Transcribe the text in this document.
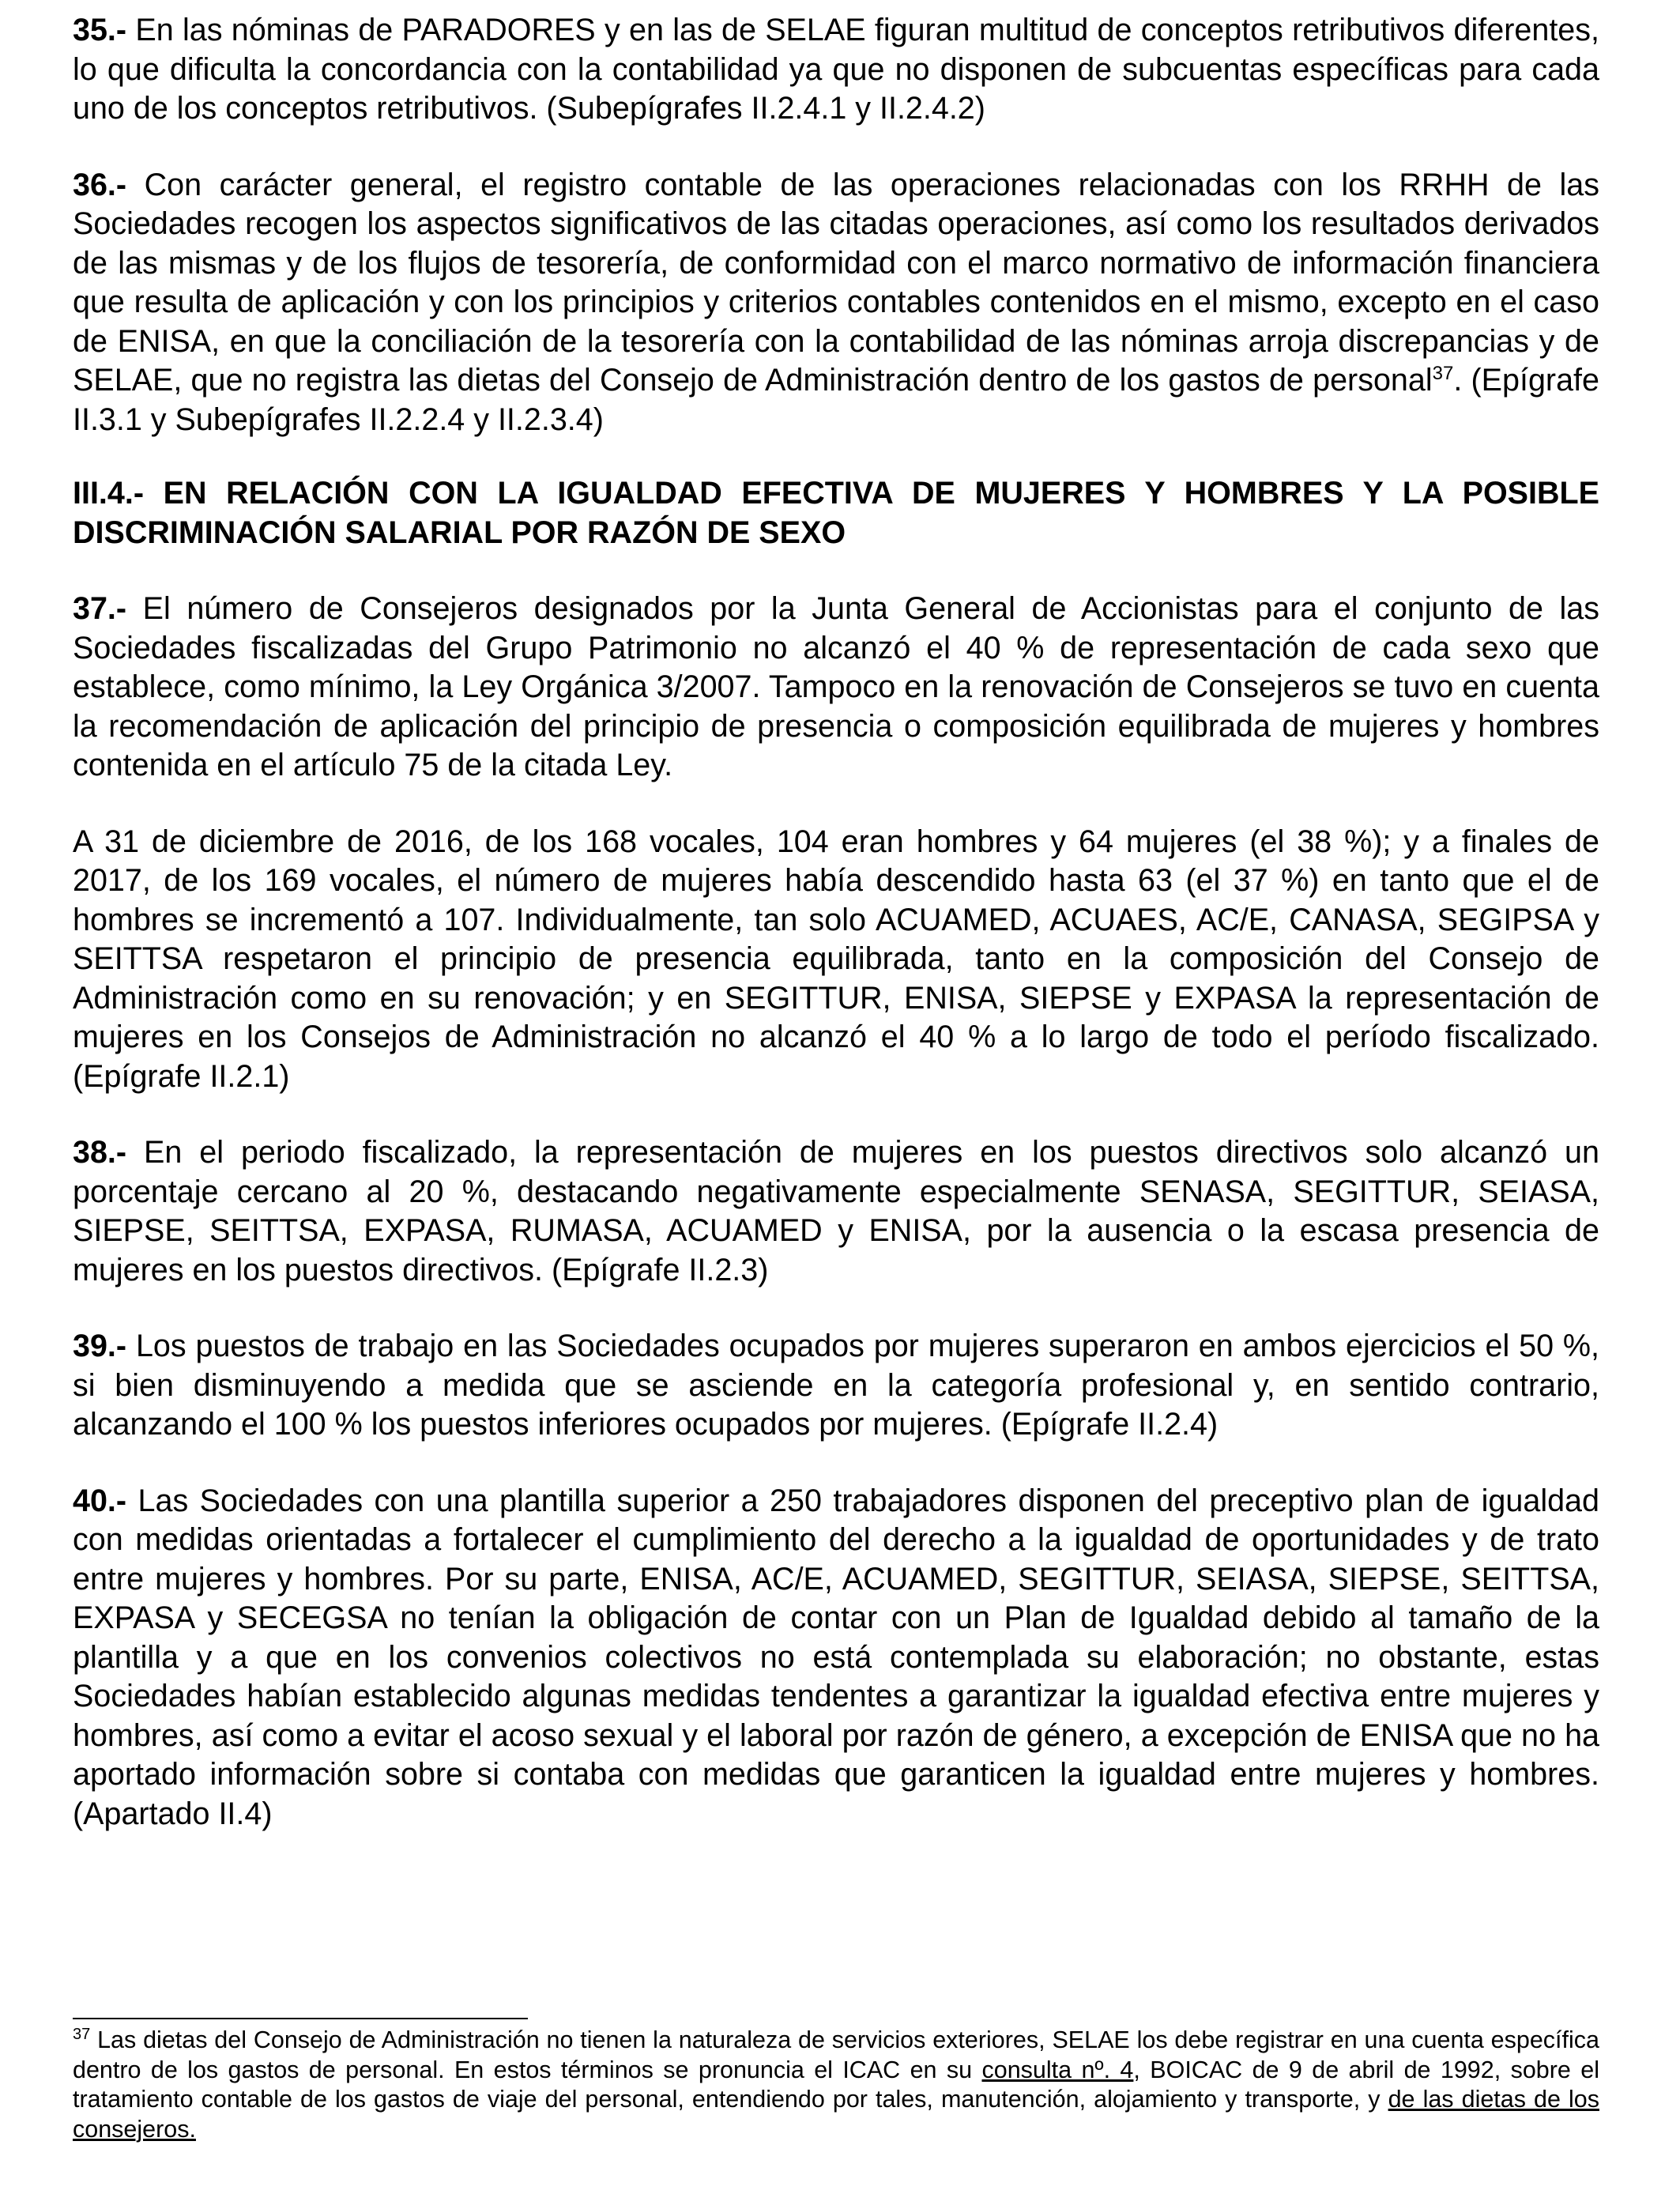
35.- En las nóminas de PARADORES y en las de SELAE figuran multitud de conceptos retributivos diferentes, lo que dificulta la concordancia con la contabilidad ya que no disponen de subcuentas específicas para cada uno de los conceptos retributivos. (Subepígrafes II.2.4.1 y II.2.4.2)

36.- Con carácter general, el registro contable de las operaciones relacionadas con los RRHH de las Sociedades recogen los aspectos significativos de las citadas operaciones, así como los resultados derivados de las mismas y de los flujos de tesorería, de conformidad con el marco normativo de información financiera que resulta de aplicación y con los principios y criterios contables contenidos en el mismo, excepto en el caso de ENISA, en que la conciliación de la tesorería con la contabilidad de las nóminas arroja discrepancias y de SELAE, que no registra las dietas del Consejo de Administración dentro de los gastos de personal$^{37}$. (Epígrafe II.3.1 y Subepígrafes II.2.2.4 y II.2.3.4)

III.4.- EN RELACIÓN CON LA IGUALDAD EFECTIVA DE MUJERES Y HOMBRES Y LA POSIBLE DISCRIMINACIÓN SALARIAL POR RAZÓN DE SEXO

37.- El número de Consejeros designados por la Junta General de Accionistas para el conjunto de las Sociedades fiscalizadas del Grupo Patrimonio no alcanzó el 40 % de representación de cada sexo que establece, como mínimo, la Ley Orgánica 3/2007. Tampoco en la renovación de Consejeros se tuvo en cuenta la recomendación de aplicación del principio de presencia o composición equilibrada de mujeres y hombres contenida en el artículo 75 de la citada Ley.

A 31 de diciembre de 2016, de los 168 vocales, 104 eran hombres y 64 mujeres (el 38 %); y a finales de 2017, de los 169 vocales, el número de mujeres había descendido hasta 63 (el 37 %) en tanto que el de hombres se incrementó a 107. Individualmente, tan solo ACUAMED, ACUAES, AC/E, CANASA, SEGIPSA y SEITTSA respetaron el principio de presencia equilibrada, tanto en la composición del Consejo de Administración como en su renovación; y en SEGITTUR, ENISA, SIEPSE y EXPASA la representación de mujeres en los Consejos de Administración no alcanzó el 40 % a lo largo de todo el período fiscalizado. (Epígrafe II.2.1)

38.- En el periodo fiscalizado, la representación de mujeres en los puestos directivos solo alcanzó un porcentaje cercano al 20 %, destacando negativamente especialmente SENASA, SEGITTUR, SEIASA, SIEPSE, SEITTSA, EXPASA, RUMASA, ACUAMED y ENISA, por la ausencia o la escasa presencia de mujeres en los puestos directivos. (Epígrafe II.2.3)

39.- Los puestos de trabajo en las Sociedades ocupados por mujeres superaron en ambos ejercicios el 50 %, si bien disminuyendo a medida que se asciende en la categoría profesional y, en sentido contrario, alcanzando el 100 % los puestos inferiores ocupados por mujeres. (Epígrafe II.2.4)

40.- Las Sociedades con una plantilla superior a 250 trabajadores disponen del preceptivo plan de igualdad con medidas orientadas a fortalecer el cumplimiento del derecho a la igualdad de oportunidades y de trato entre mujeres y hombres. Por su parte, ENISA, AC/E, ACUAMED, SEGITTUR, SEIASA, SIEPSE, SEITTSA, EXPASA y SECEGSA no tenían la obligación de contar con un Plan de Igualdad debido al tamaño de la plantilla y a que en los convenios colectivos no está contemplada su elaboración; no obstante, estas Sociedades habían establecido algunas medidas tendentes a garantizar la igualdad efectiva entre mujeres y hombres, así como a evitar el acoso sexual y el laboral por razón de género, a excepción de ENISA que no ha aportado información sobre si contaba con medidas que garanticen la igualdad entre mujeres y hombres. (Apartado II.4)

$^{37}$ Las dietas del Consejo de Administración no tienen la naturaleza de servicios exteriores, SELAE los debe registrar en una cuenta específica dentro de los gastos de personal. En estos términos se pronuncia el ICAC en su consulta nº. 4, BOICAC de 9 de abril de 1992, sobre el tratamiento contable de los gastos de viaje del personal, entendiendo por tales, manutención, alojamiento y transporte, y de las dietas de los consejeros.
